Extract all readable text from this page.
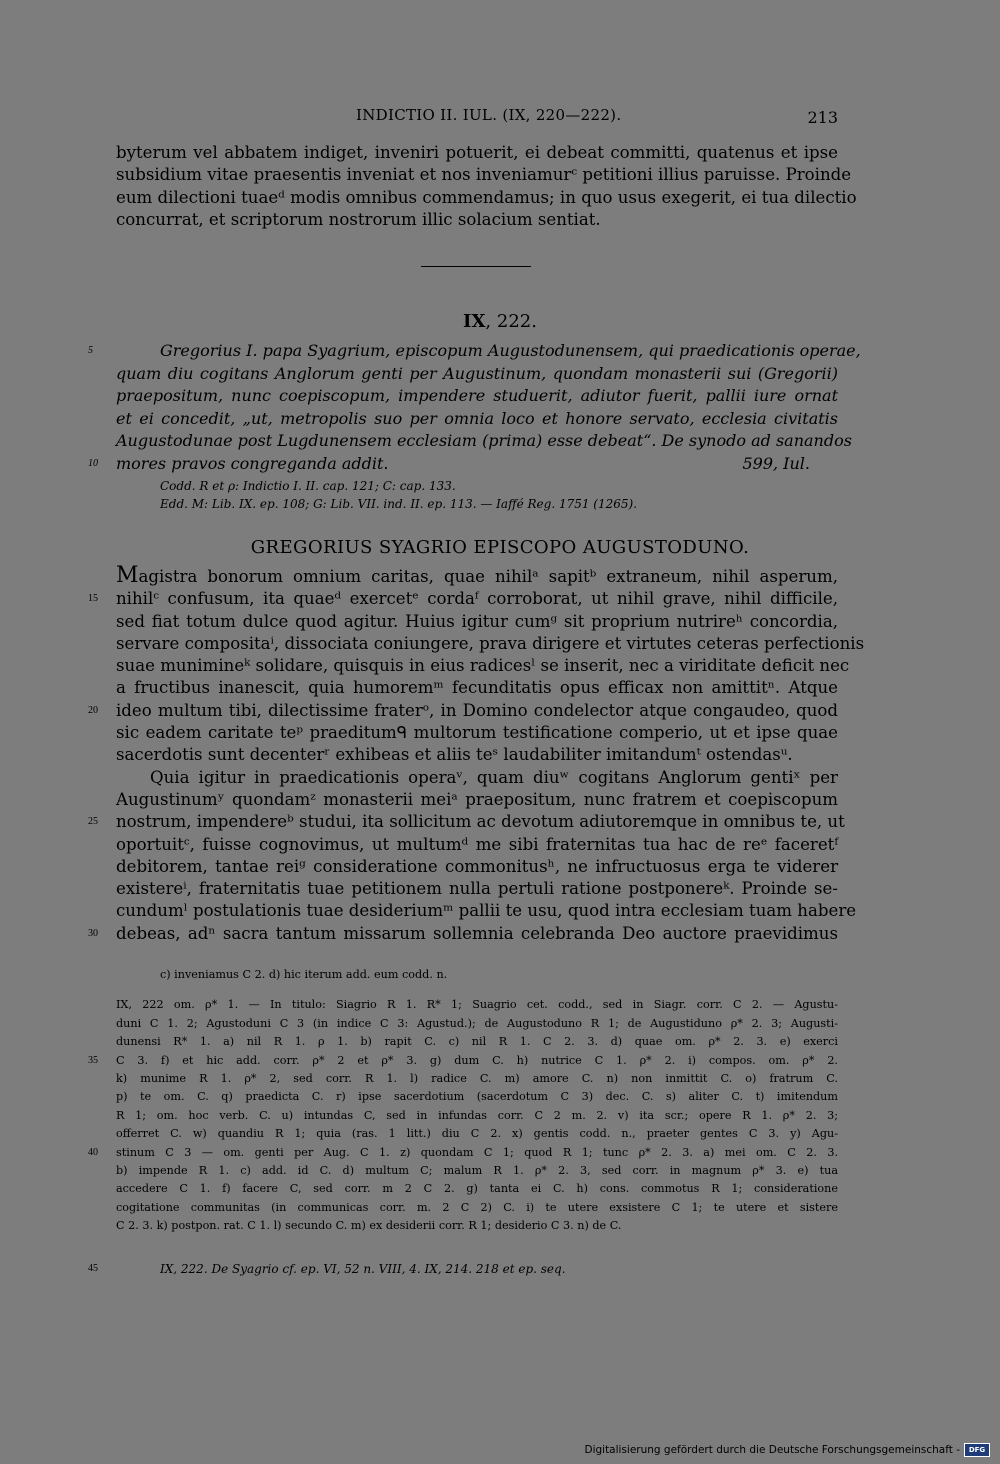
INDICTIO II. IUL. (IX, 220—222).	213
byterum vel abbatem indiget, inveniri potuerit, ei debeat committi, quatenus et ipse
subsidium vitae praesentis inveniat et nos inveniamurᶜ petitioni illius paruisse. Proinde
eum dilectioni tuaeᵈ modis omnibus commendamus; in quo usus exegerit, ei tua dilectio
concurrat, et scriptorum nostrorum illic solacium sentiat.
IX, 222.
5	Gregorius I. papa Syagrium, episcopum Augustodunensem, qui praedicationis operae,
quam diu cogitans Anglorum genti per Augustinum, quondam monasterii sui (Gregorii)
praepositum, nunc coepiscopum, impendere studuerit, adiutor fuerit, pallii iure ornat
et ei concedit, „ut, metropolis suo per omnia loco et honore servato, ecclesia civitatis
Augustodunae post Lugdunensem ecclesiam (prima) esse debeat“. De synodo ad sanandos
10 mores pravos congreganda addit.	599, Iul.
Codd. R et ρ: Indictio I. II. cap. 121; C: cap. 133.
Edd. M: Lib. IX. ep. 108; G: Lib. VII. ind. II. ep. 113. — Iaffé Reg. 1751 (1265).
GREGORIUS SYAGRIO EPISCOPO AUGUSTODUNO.
Magistra bonorum omnium caritas, quae nihilᵃ sapitᵇ extraneum, nihil asperum,
15 nihilᶜ confusum, ita quaeᵈ exercetᵉ cordaᶠ corroborat, ut nihil grave, nihil difficile,
sed fiat totum dulce quod agitur. Huius igitur cumᵍ sit proprium nutrireʰ concordia,
servare compositaⁱ, dissociata coniungere, prava dirigere et virtutes ceteras perfectionis
suae munimineᵏ solidare, quisquis in eius radicesˡ se inserit, nec a viriditate deficit nec
a fructibus inanescit, quia humoremᵐ fecunditatis opus efficax non amittitⁿ. Atque
20 ideo multum tibi, dilectissime fraterᵒ, in Domino condelector atque congaudeo, quod
sic eadem caritate teᵖ praeditumᑫ multorum testificatione comperio, ut et ipse quae
sacerdotis sunt decenterʳ exhibeas et aliis teˢ laudabiliter imitandumᵗ ostendasᵘ.
Quia igitur in praedicationis operaᵛ, quam diuʷ cogitans Anglorum gentiˣ per
Augustinumʸ quondamᶻ monasterii meiᵃ praepositum, nunc fratrem et coepiscopum
25 nostrum, impendereᵇ studui, ita sollicitum ac devotum adiutoremque in omnibus te, ut
oportuitᶜ, fuisse cognovimus, ut multumᵈ me sibi fraternitas tua hac de reᵉ faceretᶠ
debitorem, tantae reiᵍ consideratione commonitusʰ, ne infructuosus erga te viderer
existereⁱ, fraternitatis tuae petitionem nulla pertuli ratione postponereᵏ. Proinde se-
cundumˡ postulationis tuae desideriumᵐ pallii te usu, quod intra ecclesiam tuam habere
30 debeas, adⁿ sacra tantum missarum sollemnia celebranda Deo auctore praevidimus
c) inveniamus C 2. d) hic iterum add. eum codd. n.
IX, 222 om. ρ* 1. — In titulo: Siagrio R 1. R* 1; Suagrio cet. codd., sed in Siagr. corr. C 2. — Agustu-
duni C 1. 2; Agustoduni C 3 (in indice C 3: Agustud.); de Augustoduno R 1; de Augustiduno ρ* 2. 3; Augusti-
dunensi R* 1. a) nil R 1. ρ 1. b) rapit C. c) nil R 1. C 2. 3. d) quae om. ρ* 2. 3. e) exerci
35 C 3. f) et hic add. corr. ρ* 2 et ρ* 3. g) dum C. h) nutrice C 1. ρ* 2. i) compos. om. ρ* 2.
k) munime R 1. ρ* 2, sed corr. R 1. l) radice C. m) amore C. n) non inmittit C. o) fratrum C.
p) te om. C. q) praedicta C. r) ipse sacerdotium (sacerdotum C 3) dec. C. s) aliter C. t) imitendum
R 1; om. hoc verb. C. u) intundas C, sed in infundas corr. C 2 m. 2. v) ita scr.; opere R 1. ρ* 2. 3;
offerret C. w) quandiu R 1; quia (ras. 1 litt.) diu C 2. x) gentis codd. n., praeter gentes C 3. y) Agu-
40 stinum C 3 — om. genti per Aug. C 1. z) quondam C 1; quod R 1; tunc ρ* 2. 3. a) mei om. C 2. 3.
b) impende R 1. c) add. id C. d) multum C; malum R 1. ρ* 2. 3, sed corr. in magnum ρ* 3. e) tua
accedere C 1. f) facere C, sed corr. m 2 C 2. g) tanta ei C. h) cons. commotus R 1; consideratione
cogitatione communitas (in communicas corr. m. 2 C 2) C. i) te utere exsistere C 1; te utere et sistere
C 2. 3. k) postpon. rat. C 1. l) secundo C. m) ex desiderii corr. R 1; desiderio C 3. n) de C.
45	IX, 222. De Syagrio cf. ep. VI, 52 n. VIII, 4. IX, 214. 218 et ep. seq.
Digitalisierung gefördert durch die Deutsche Forschungsgemeinschaft -	DFG
